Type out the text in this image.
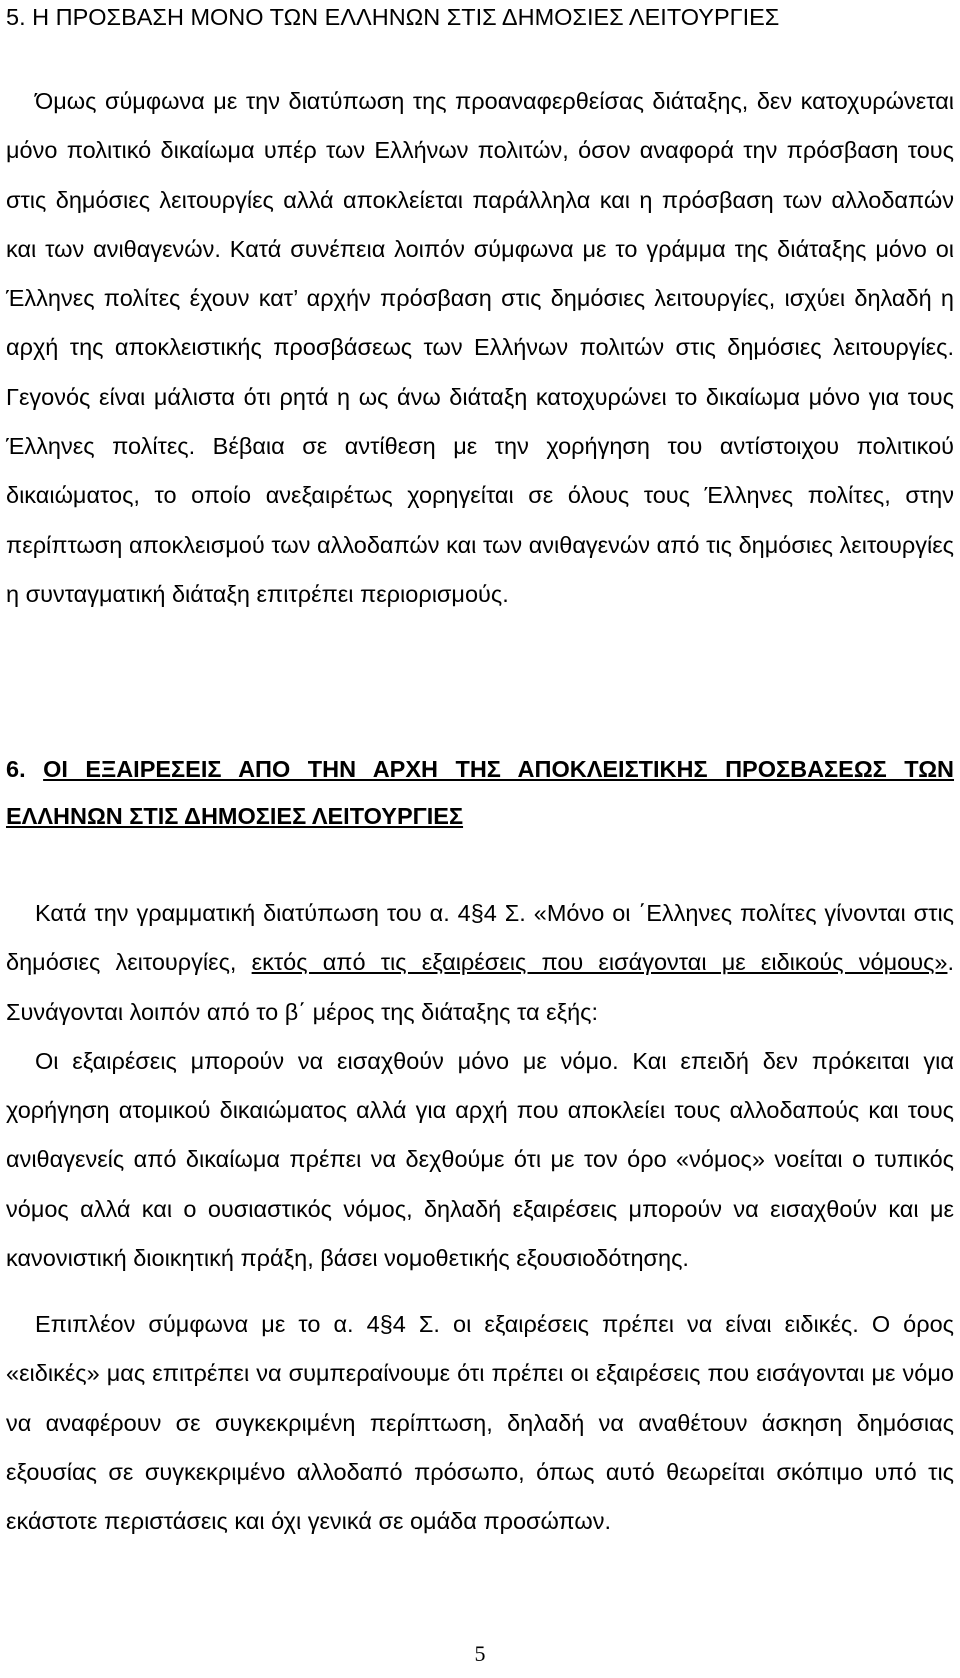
5. Η ΠΡΟΣΒΑΣΗ ΜΟΝΟ ΤΩΝ ΕΛΛΗΝΩΝ ΣΤΙΣ ΔΗΜΟΣΙΕΣ ΛΕΙΤΟΥΡΓΙΕΣ

Όμως σύμφωνα με την διατύπωση της προαναφερθείσας διάταξης, δεν κατοχυρώνεται μόνο πολιτικό δικαίωμα υπέρ των Ελλήνων πολιτών, όσον αναφορά την πρόσβαση τους στις δημόσιες λειτουργίες αλλά αποκλείεται παράλληλα και η πρόσβαση των αλλοδαπών και των ανιθαγενών. Κατά συνέπεια λοιπόν σύμφωνα με το γράμμα της διάταξης μόνο οι Έλληνες πολίτες έχουν κατ’ αρχήν πρόσβαση στις δημόσιες λειτουργίες, ισχύει δηλαδή η αρχή της αποκλειστικής προσβάσεως των Ελλήνων πολιτών στις δημόσιες λειτουργίες. Γεγονός είναι μάλιστα ότι ρητά η ως άνω διάταξη κατοχυρώνει το δικαίωμα μόνο για τους Έλληνες πολίτες. Βέβαια σε αντίθεση με την χορήγηση του αντίστοιχου πολιτικού δικαιώματος, το οποίο ανεξαιρέτως χορηγείται σε όλους τους Έλληνες πολίτες, στην περίπτωση αποκλεισμού των αλλοδαπών και των ανιθαγενών από τις δημόσιες λειτουργίες η συνταγματική διάταξη επιτρέπει περιορισμούς.

6. ΟΙ ΕΞΑΙΡΕΣΕΙΣ ΑΠΟ ΤΗΝ ΑΡΧΗ ΤΗΣ ΑΠΟΚΛΕΙΣΤΙΚΗΣ ΠΡΟΣΒΑΣΕΩΣ ΤΩΝ ΕΛΛΗΝΩΝ ΣΤΙΣ ΔΗΜΟΣΙΕΣ ΛΕΙΤΟΥΡΓΙΕΣ

Κατά την γραμματική διατύπωση του α. 4§4 Σ. «Μόνο οι ΄Ελληνες πολίτες γίνονται στις δημόσιες λειτουργίες, εκτός από τις εξαιρέσεις που εισάγονται με ειδικούς νόμους». Συνάγονται λοιπόν από το β΄ μέρος της διάταξης τα εξής:
Οι εξαιρέσεις μπορούν να εισαχθούν μόνο με νόμο. Και επειδή δεν πρόκειται για χορήγηση ατομικού δικαιώματος αλλά για αρχή που αποκλείει τους αλλοδαπούς και τους ανιθαγενείς από δικαίωμα πρέπει να δεχθούμε ότι με τον όρο «νόμος» νοείται ο τυπικός νόμος αλλά και ο ουσιαστικός νόμος, δηλαδή εξαιρέσεις μπορούν να εισαχθούν και με κανονιστική διοικητική πράξη, βάσει νομοθετικής εξουσιοδότησης.

Επιπλέον σύμφωνα με το α. 4§4 Σ. οι εξαιρέσεις πρέπει να είναι ειδικές. Ο όρος «ειδικές» μας επιτρέπει να συμπεραίνουμε ότι πρέπει οι εξαιρέσεις που εισάγονται με νόμο να αναφέρουν σε συγκεκριμένη περίπτωση, δηλαδή να αναθέτουν άσκηση δημόσιας εξουσίας σε συγκεκριμένο αλλοδαπό πρόσωπο, όπως αυτό θεωρείται σκόπιμο υπό τις εκάστοτε περιστάσεις και όχι γενικά σε ομάδα προσώπων.

5
